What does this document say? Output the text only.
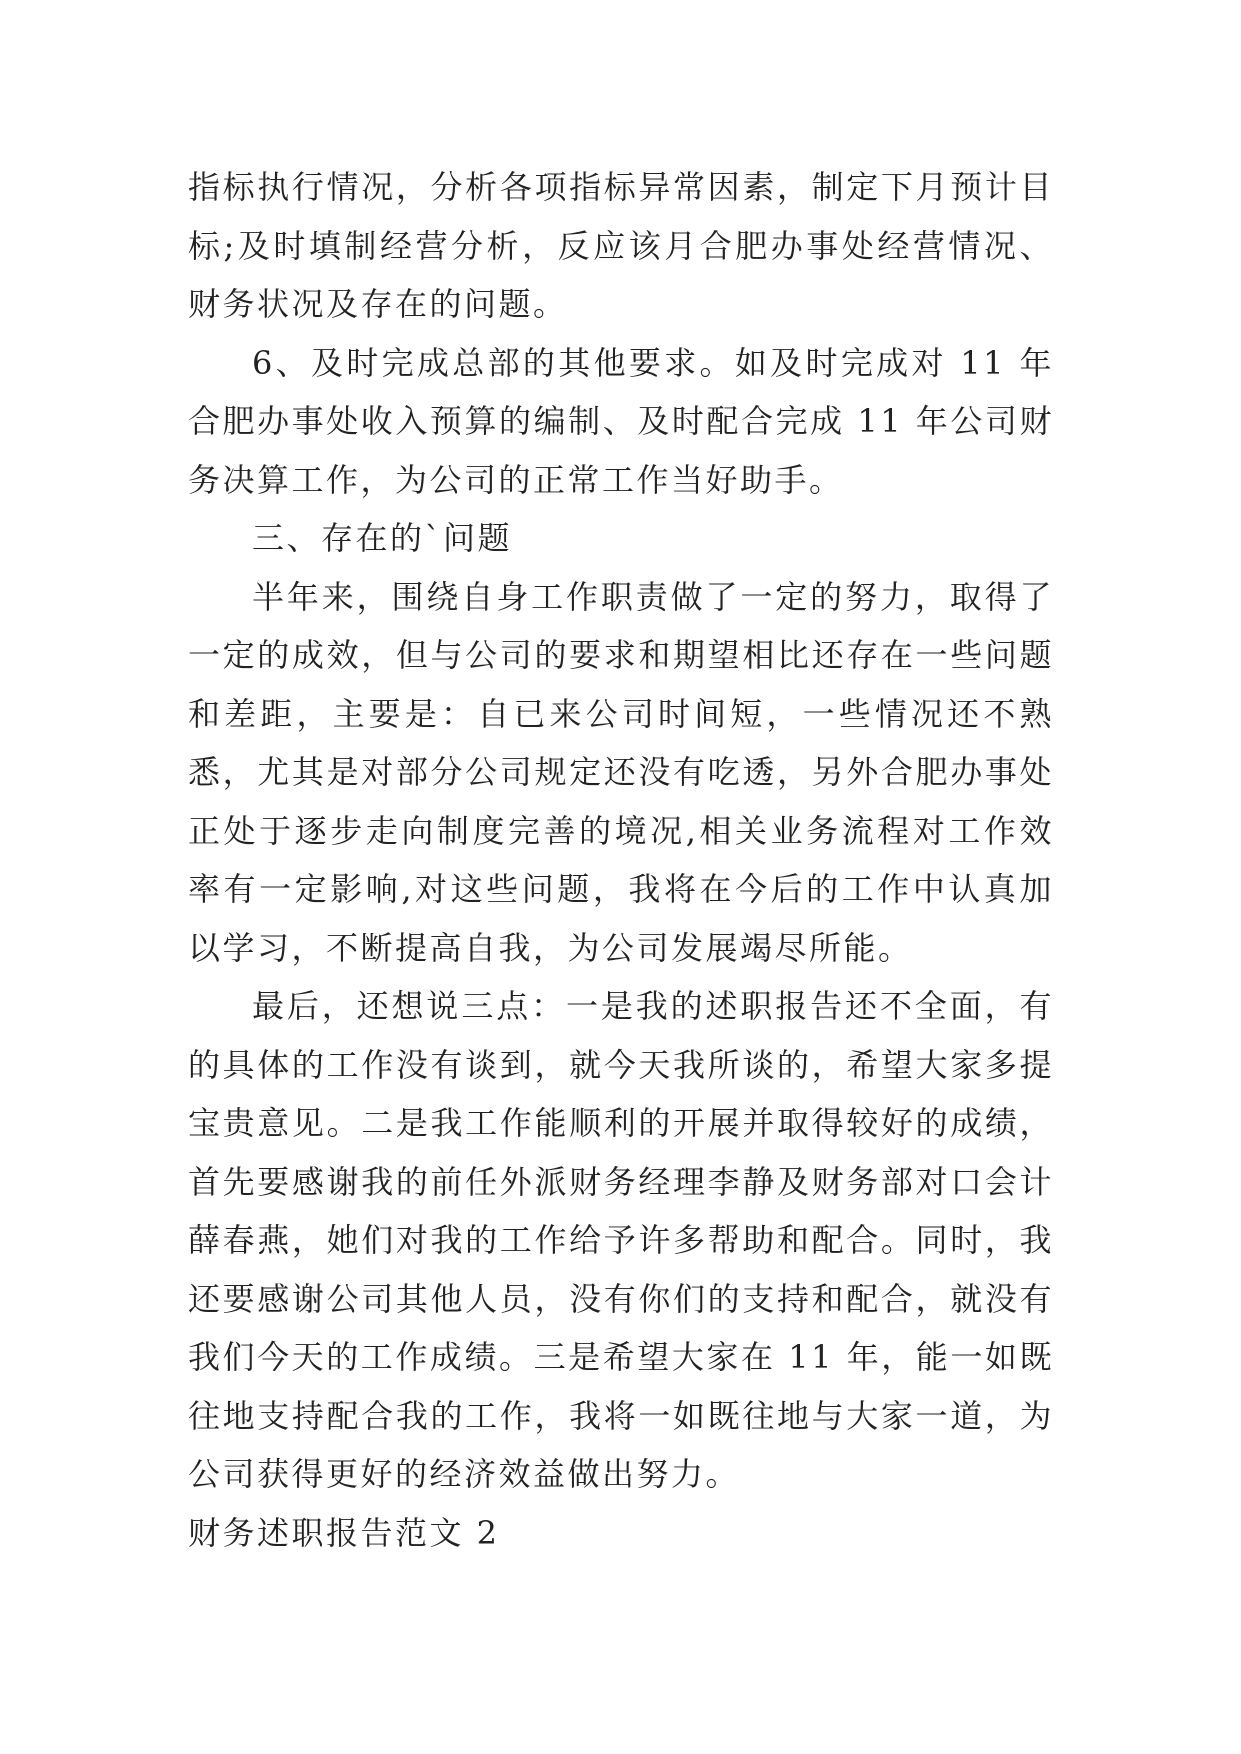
指标执行情况，分析各项指标异常因素，制定下月预计目标;及时填制经营分析，反应该月合肥办事处经营情况、财务状况及存在的问题。

6、及时完成总部的其他要求。如及时完成对 11 年合肥办事处收入预算的编制、及时配合完成 11 年公司财务决算工作，为公司的正常工作当好助手。

三、存在的`问题

半年来，围绕自身工作职责做了一定的努力，取得了一定的成效，但与公司的要求和期望相比还存在一些问题和差距，主要是：自已来公司时间短，一些情况还不熟悉，尤其是对部分公司规定还没有吃透，另外合肥办事处正处于逐步走向制度完善的境况,相关业务流程对工作效率有一定影响,对这些问题，我将在今后的工作中认真加以学习，不断提高自我，为公司发展竭尽所能。

最后，还想说三点：一是我的述职报告还不全面，有的具体的工作没有谈到，就今天我所谈的，希望大家多提宝贵意见。二是我工作能顺利的开展并取得较好的成绩，首先要感谢我的前任外派财务经理李静及财务部对口会计薛春燕，她们对我的工作给予许多帮助和配合。同时，我还要感谢公司其他人员，没有你们的支持和配合，就没有我们今天的工作成绩。三是希望大家在 11 年，能一如既往地支持配合我的工作，我将一如既往地与大家一道，为公司获得更好的经济效益做出努力。

财务述职报告范文 2
